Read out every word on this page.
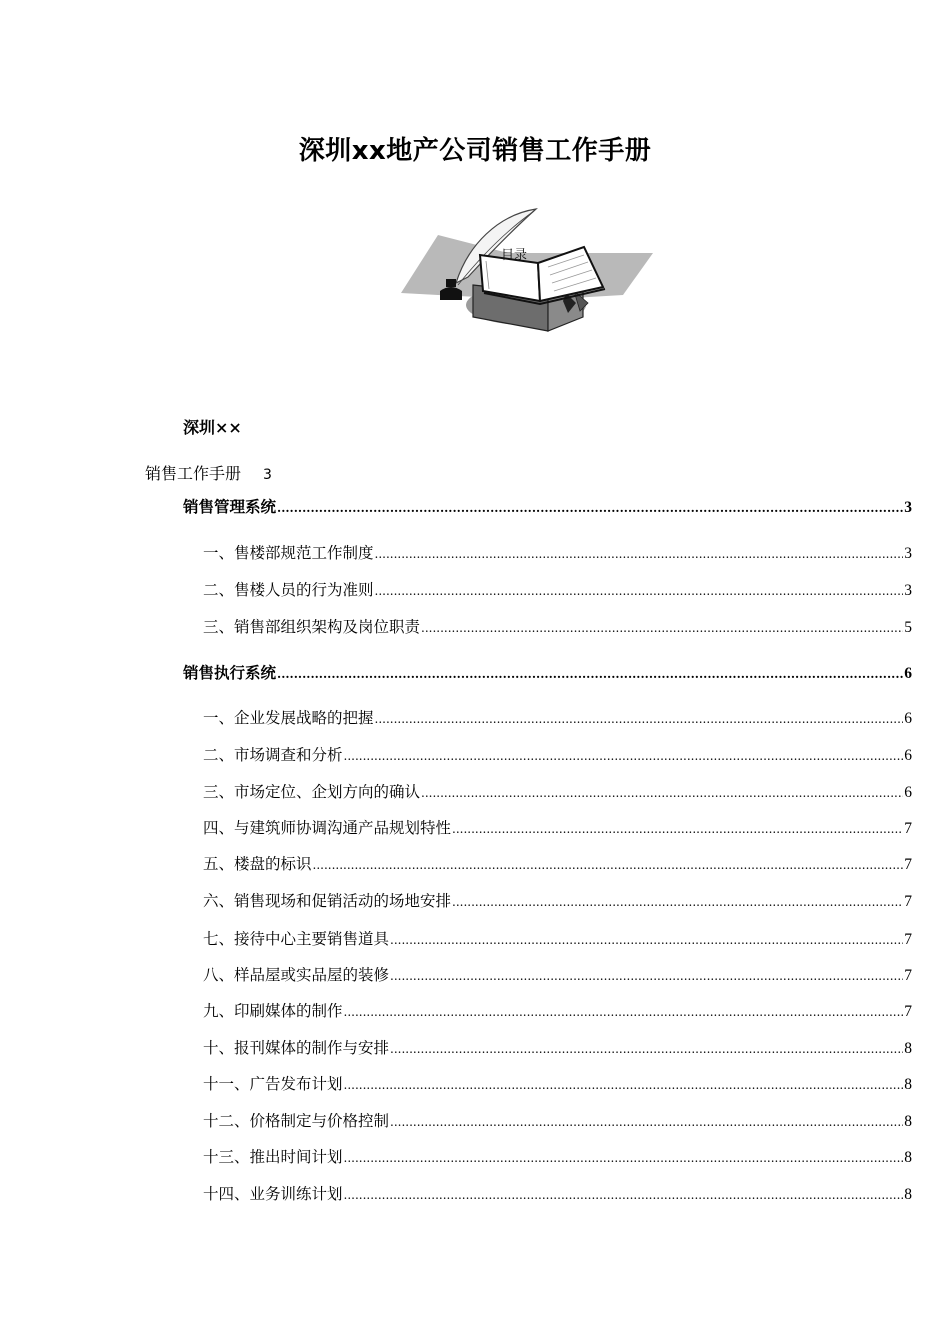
深圳xx地产公司销售工作手册
目录
深圳××
销售工作手册 3
销售管理系统 .....	3
一、售楼部规范工作制度 .....	3
二、售楼人员的行为准则 .....	3
三、销售部组织架构及岗位职责 .....	5
销售执行系统 .....	6
一、企业发展战略的把握 .....	6
二、市场调查和分析 .....	6
三、市场定位、企划方向的确认 .....	6
四、与建筑师协调沟通产品规划特性 .....	7
五、楼盘的标识 .....	7
六、销售现场和促销活动的场地安排 .....	7
七、接待中心主要销售道具 .....	7
八、样品屋或实品屋的装修 .....	7
九、印刷媒体的制作 .....	7
十、报刊媒体的制作与安排 .....	8
十一、广告发布计划 .....	8
十二、价格制定与价格控制 .....	8
十三、推出时间计划 .....	8
十四、业务训练计划 .....	8
